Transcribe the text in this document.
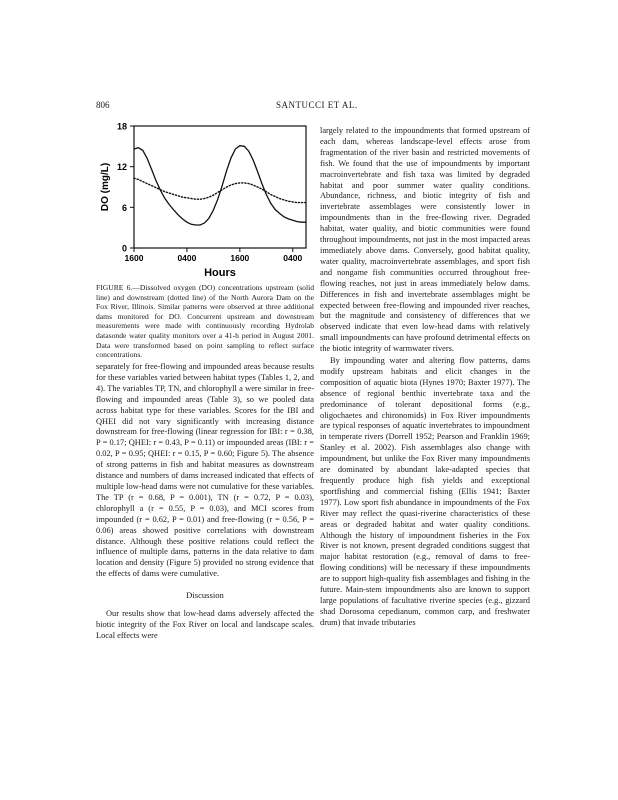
806	SANTUCCI ET AL.
0
6
12
18
1600	0400	1600	0400
Hours
DO (mg/L)
FIGURE 6.—Dissolved oxygen (DO) concentrations upstream (solid line) and downstream (dotted line) of the North Aurora Dam on the Fox River, Illinois. Similar patterns were observed at three additional dams monitored for DO. Concurrent upstream and downstream measurements were made with continuously recording Hydrolab datasonde water quality monitors over a 41-h period in August 2001. Data were transformed based on point sampling to reflect surface concentrations.

separately for free-flowing and impounded areas because results for these variables varied between habitat types (Tables 1, 2, and 4). The variables TP, TN, and chlorophyll a were similar in free-flowing and impounded areas (Table 3), so we pooled data across habitat type for these variables. Scores for the IBI and QHEI did not vary significantly with increasing distance downstream for free-flowing (linear regression for IBI: r = 0.38, P = 0.17; QHEI: r = 0.43, P = 0.11) or impounded areas (IBI: r = 0.02, P = 0.95; QHEI: r = 0.15, P = 0.60; Figure 5). The absence of strong patterns in fish and habitat measures as downstream distance and numbers of dams increased indicated that effects of multiple low-head dams were not cumulative for these variables. The TP (r = 0.68, P = 0.001), TN (r = 0.72, P = 0.03), chlorophyll a (r = 0.55, P = 0.03), and MCI scores from impounded (r = 0.62, P = 0.01) and free-flowing (r = 0.56, P = 0.06) areas showed positive correlations with downstream distance. Although these positive relations could reflect the influence of multiple dams, patterns in the data relative to dam location and density (Figure 5) provided no strong evidence that the effects of dams were cumulative.

Discussion

Our results show that low-head dams adversely affected the biotic integrity of the Fox River on local and landscape scales. Local effects were

largely related to the impoundments that formed upstream of each dam, whereas landscape-level effects arose from fragmentation of the river basin and restricted movements of fish. We found that the use of impoundments by important macroinvertebrate and fish taxa was limited by degraded habitat and poor summer water quality conditions. Abundance, richness, and biotic integrity of fish and invertebrate assemblages were consistently lower in impoundments than in the free-flowing river. Degraded habitat, water quality, and biotic communities were found throughout impoundments, not just in the most impacted areas immediately above dams. Conversely, good habitat quality, water quality, macroinvertebrate assemblages, and sport fish and nongame fish communities occurred throughout free-flowing reaches, not just in areas immediately below dams. Differences in fish and invertebrate assemblages might be expected between free-flowing and impounded river reaches, but the magnitude and consistency of differences that we observed indicate that even low-head dams with relatively small impoundments can have profound detrimental effects on the biotic integrity of warmwater rivers.

By impounding water and altering flow patterns, dams modify upstream habitats and elicit changes in the composition of aquatic biota (Hynes 1970; Baxter 1977). The absence of regional benthic invertebrate taxa and the predominance of tolerant depositional forms (e.g., oligochaetes and chironomids) in Fox River impoundments are typical responses of aquatic invertebrates to impoundment in temperate rivers (Dorrell 1952; Pearson and Franklin 1969; Stanley et al. 2002). Fish assemblages also change with impoundment, but unlike the Fox River many impoundments are dominated by abundant lake-adapted species that frequently produce high fish yields and exceptional sportfishing and commercial fishing (Ellis 1941; Baxter 1977). Low sport fish abundance in impoundments of the Fox River may reflect the quasi-riverine characteristics of these areas or degraded habitat and water quality conditions. Although the history of impoundment fisheries in the Fox River is not known, present degraded conditions suggest that major habitat restoration (e.g., removal of dams to free-flowing conditions) will be necessary if these impoundments are to support high-quality fish assemblages and fishing in the future. Main-stem impoundments also are known to support large populations of facultative riverine species (e.g., gizzard shad Dorosoma cepedianum, common carp, and freshwater drum) that invade tributaries
